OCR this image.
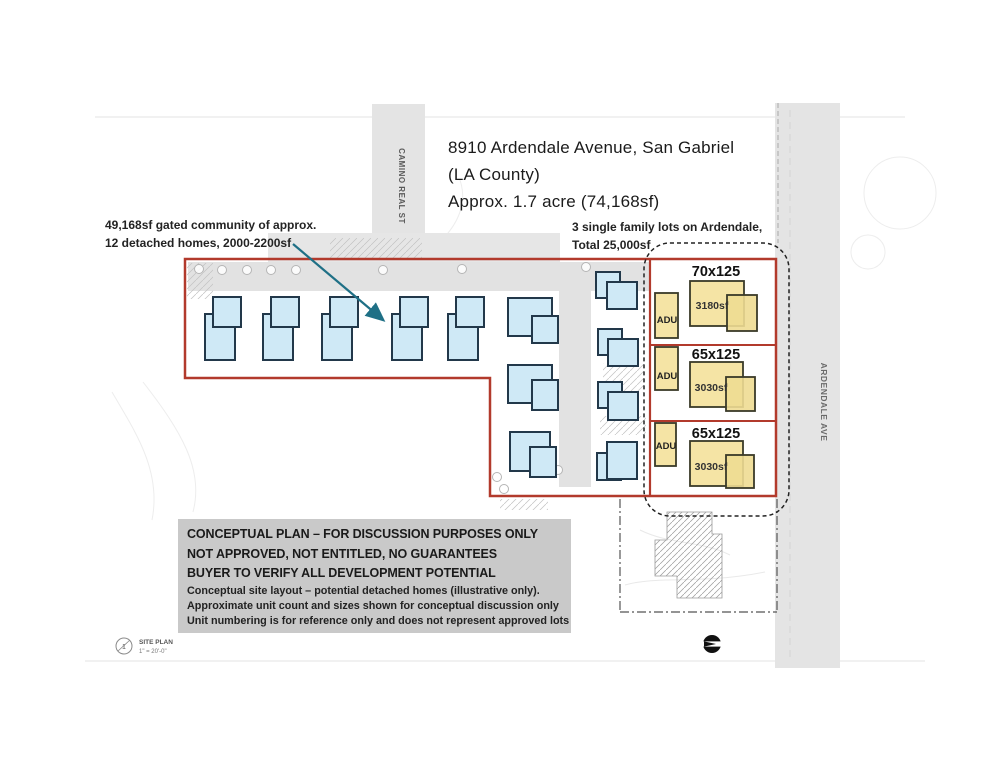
70x125
65x125
65x125
3180sf
3030sf
3030sf
ADU
ADU
ADU
CAMINO REAL ST
ARDENDALE AVE
1
SITE PLAN
1" = 20'-0"
8910 Ardendale Avenue, San Gabriel
(LA County)
Approx. 1.7 acre (74,168sf)
49,168sf gated community of approx.
12 detached homes, 2000-2200sf
3 single family lots on Ardendale,
Total 25,000sf
CONCEPTUAL PLAN – FOR DISCUSSION PURPOSES ONLY
NOT APPROVED, NOT ENTITLED, NO GUARANTEES
BUYER TO VERIFY ALL DEVELOPMENT POTENTIAL
Conceptual site layout – potential detached homes (illustrative only).
Approximate unit count and sizes shown for conceptual discussion only
Unit numbering is for reference only and does not represent approved lots
